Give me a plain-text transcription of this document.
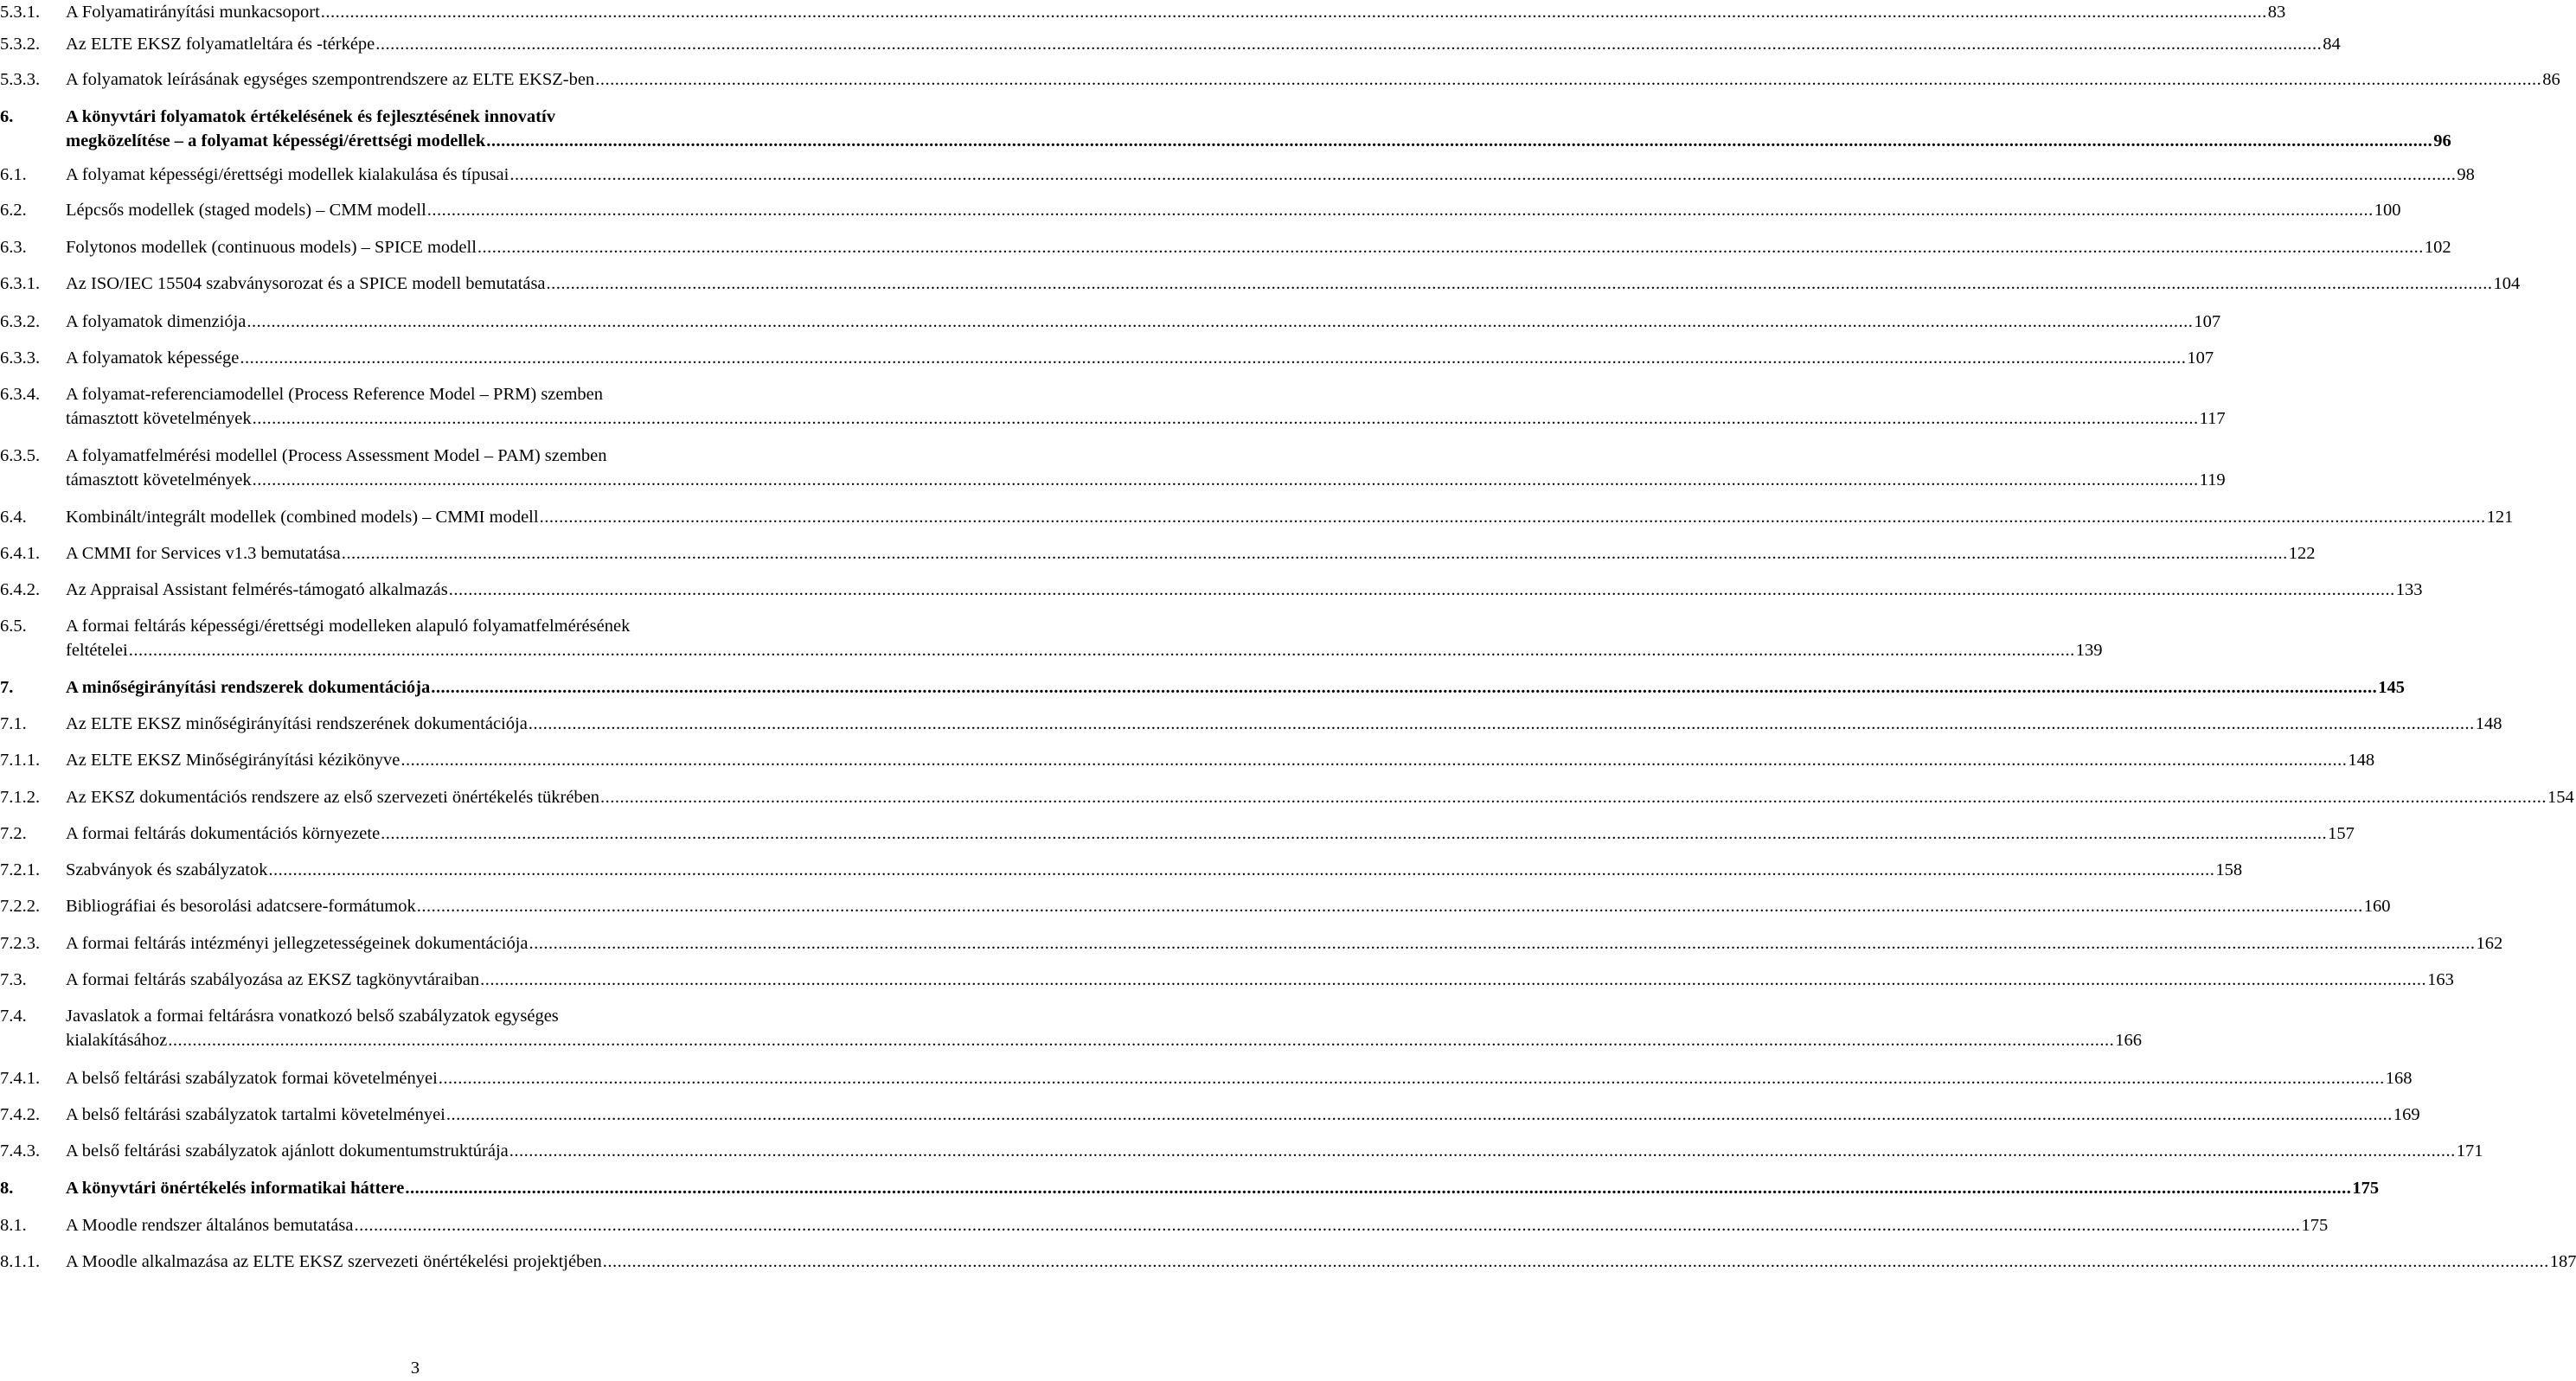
5.3.1. A Folyamatirányítási munkacsoport ................................................................................................................................................................................................................................................................................................................................................................................................................ 83
5.3.2. Az ELTE EKSZ folyamatleltára és -térképe ................................................................................................................................................................................................................................................................................................................................................................................................................ 84
5.3.3. A folyamatok leírásának egységes szempontrendszere az ELTE EKSZ-ben ................................................................................................................................................................................................................................................................................................................................................................................................................ 86
6.	A könyvtári folyamatok értékelésének és fejlesztésének innovatív
megközelítése – a folyamat képességi/érettségi modellek ................................................................................................................................................................................................................................................................................................................................................................................................................ 96
6.1. A folyamat képességi/érettségi modellek kialakulása és típusai ................................................................................................................................................................................................................................................................................................................................................................................................................ 98
6.2. Lépcsős modellek (staged models) – CMM modell ................................................................................................................................................................................................................................................................................................................................................................................................................ 100
6.3. Folytonos modellek (continuous models) – SPICE modell ................................................................................................................................................................................................................................................................................................................................................................................................................ 102
6.3.1. Az ISO/IEC 15504 szabványsorozat és a SPICE modell bemutatása ................................................................................................................................................................................................................................................................................................................................................................................................................ 104
6.3.2. A folyamatok dimenziója ................................................................................................................................................................................................................................................................................................................................................................................................................ 107
6.3.3. A folyamatok képessége ................................................................................................................................................................................................................................................................................................................................................................................................................ 107
6.3.4. A folyamat-referenciamodellel (Process Reference Model – PRM) szemben
támasztott követelmények ................................................................................................................................................................................................................................................................................................................................................................................................................ 117
6.3.5. A folyamatfelmérési modellel (Process Assessment Model – PAM) szemben
támasztott követelmények ................................................................................................................................................................................................................................................................................................................................................................................................................ 119
6.4. Kombinált/integrált modellek (combined models) – CMMI modell ................................................................................................................................................................................................................................................................................................................................................................................................................ 121
6.4.1. A CMMI for Services v1.3 bemutatása ................................................................................................................................................................................................................................................................................................................................................................................................................ 122
6.4.2. Az Appraisal Assistant felmérés-támogató alkalmazás ................................................................................................................................................................................................................................................................................................................................................................................................................ 133
6.5. A formai feltárás képességi/érettségi modelleken alapuló folyamatfelmérésének
feltételei ................................................................................................................................................................................................................................................................................................................................................................................................................ 139
7.	A minőségirányítási rendszerek dokumentációja ................................................................................................................................................................................................................................................................................................................................................................................................................ 145
7.1. Az ELTE EKSZ minőségirányítási rendszerének dokumentációja ................................................................................................................................................................................................................................................................................................................................................................................................................ 148
7.1.1. Az ELTE EKSZ Minőségirányítási kézikönyve ................................................................................................................................................................................................................................................................................................................................................................................................................ 148
7.1.2. Az EKSZ dokumentációs rendszere az első szervezeti önértékelés tükrében ................................................................................................................................................................................................................................................................................................................................................................................................................ 154
7.2. A formai feltárás dokumentációs környezete ................................................................................................................................................................................................................................................................................................................................................................................................................ 157
7.2.1. Szabványok és szabályzatok ................................................................................................................................................................................................................................................................................................................................................................................................................ 158
7.2.2. Bibliográfiai és besorolási adatcsere-formátumok ................................................................................................................................................................................................................................................................................................................................................................................................................ 160
7.2.3. A formai feltárás intézményi jellegzetességeinek dokumentációja ................................................................................................................................................................................................................................................................................................................................................................................................................ 162
7.3. A formai feltárás szabályozása az EKSZ tagkönyvtáraiban ................................................................................................................................................................................................................................................................................................................................................................................................................ 163
7.4. Javaslatok a formai feltárásra vonatkozó belső szabályzatok egységes
kialakításához ................................................................................................................................................................................................................................................................................................................................................................................................................ 166
7.4.1. A belső feltárási szabályzatok formai követelményei ................................................................................................................................................................................................................................................................................................................................................................................................................ 168
7.4.2. A belső feltárási szabályzatok tartalmi követelményei ................................................................................................................................................................................................................................................................................................................................................................................................................ 169
7.4.3. A belső feltárási szabályzatok ajánlott dokumentumstruktúrája ................................................................................................................................................................................................................................................................................................................................................................................................................ 171
8.	A könyvtári önértékelés informatikai háttere ................................................................................................................................................................................................................................................................................................................................................................................................................ 175
8.1. A Moodle rendszer általános bemutatása ................................................................................................................................................................................................................................................................................................................................................................................................................ 175
8.1.1. A Moodle alkalmazása az ELTE EKSZ szervezeti önértékelési projektjében ................................................................................................................................................................................................................................................................................................................................................................................................................ 187
3
